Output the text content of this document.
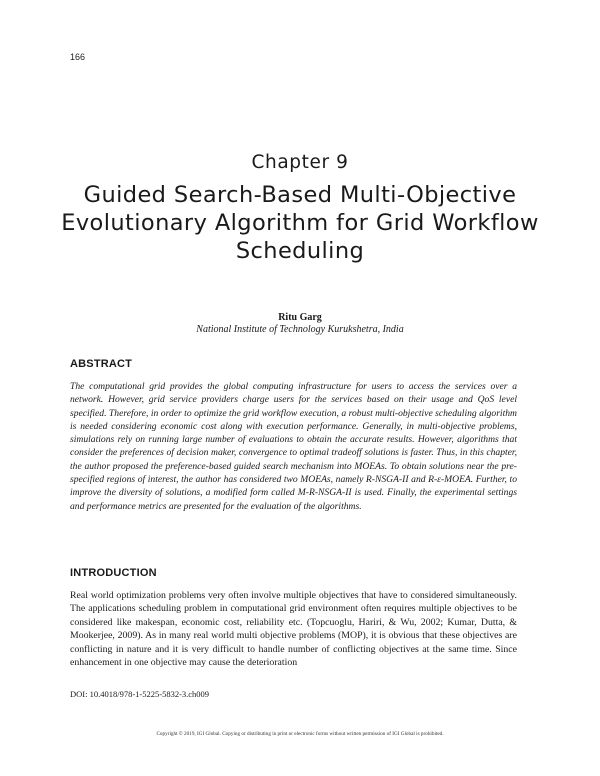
166
Chapter 9
Guided Search-Based Multi-Objective Evolutionary Algorithm for Grid Workflow Scheduling
Ritu Garg
National Institute of Technology Kurukshetra, India
ABSTRACT

The computational grid provides the global computing infrastructure for users to access the services over a network. However, grid service providers charge users for the services based on their usage and QoS level specified. Therefore, in order to optimize the grid workflow execution, a robust multi-objective scheduling algorithm is needed considering economic cost along with execution performance. Generally, in multi-objective problems, simulations rely on running large number of evaluations to obtain the accurate results. However, algorithms that consider the preferences of decision maker, convergence to optimal tradeoff solutions is faster. Thus, in this chapter, the author proposed the preference-based guided search mechanism into MOEAs. To obtain solutions near the pre-specified regions of interest, the author has considered two MOEAs, namely R-NSGA-II and R-ε-MOEA. Further, to improve the diversity of solutions, a modified form called M-R-NSGA-II is used. Finally, the experimental settings and performance metrics are presented for the evaluation of the algorithms.

INTRODUCTION

Real world optimization problems very often involve multiple objectives that have to considered simultaneously. The applications scheduling problem in computational grid environment often requires multiple objectives to be considered like makespan, economic cost, reliability etc. (Topcuoglu, Hariri, & Wu, 2002; Kumar, Dutta, & Mookerjee, 2009). As in many real world multi objective problems (MOP), it is obvious that these objectives are conflicting in nature and it is very difficult to handle number of conflicting objectives at the same time. Since enhancement in one objective may cause the deterioration

DOI: 10.4018/978-1-5225-5832-3.ch009
Copyright © 2019, IGI Global. Copying or distributing in print or electronic forms without written permission of IGI Global is prohibited.
